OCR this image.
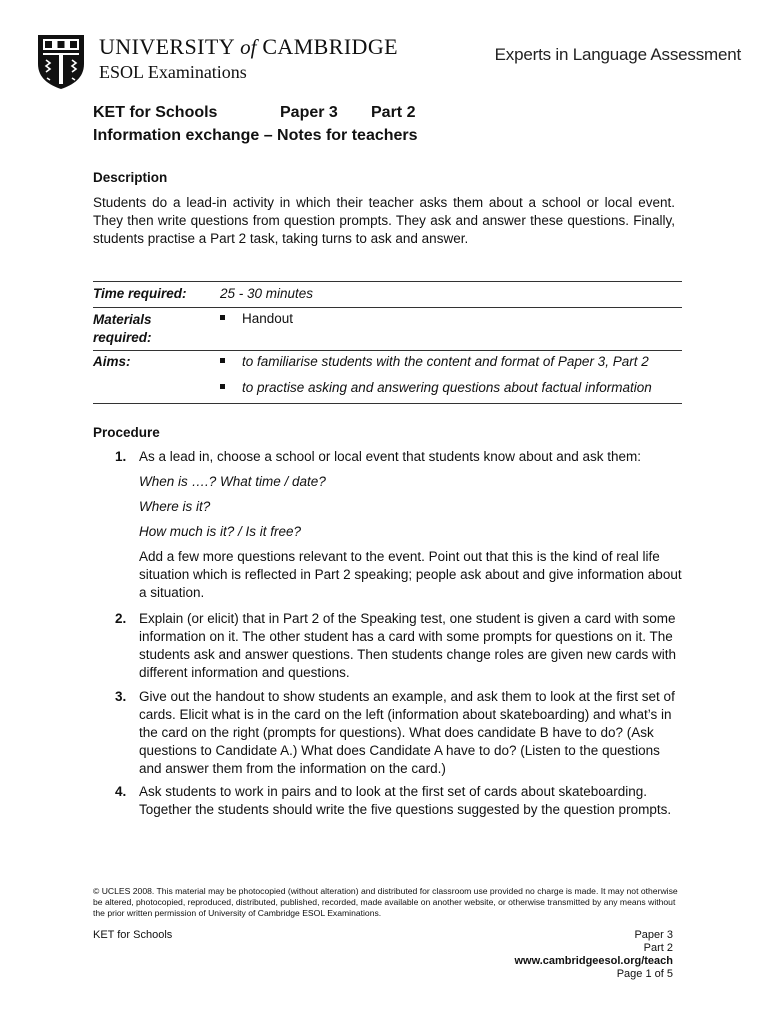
UNIVERSITY of CAMBRIDGE
ESOL Examinations
Experts in Language Assessment
KET for Schools	Paper 3 Part 2
Information exchange – Notes for teachers
Description
Students do a lead-in activity in which their teacher asks them about a school or local event. They then write questions from question prompts. They ask and answer these questions. Finally, students practise a Part 2 task, taking turns to ask and answer.
Time required: 25 - 30 minutes
Materials
required:
Handout
Aims:	to familiarise students with the content and format of Paper 3, Part 2
to practise asking and answering questions about factual information
Procedure
1. As a lead in, choose a school or local event that students know about and ask them:
When is ….? What time / date?
Where is it?
How much is it? / Is it free?
Add a few more questions relevant to the event. Point out that this is the kind of real life situation which is reflected in Part 2 speaking; people ask about and give information about a situation.
2. Explain (or elicit) that in Part 2 of the Speaking test, one student is given a card with some information on it. The other student has a card with some prompts for questions on it. The students ask and answer questions. Then students change roles are given new cards with different information and questions.
3. Give out the handout to show students an example, and ask them to look at the first set of cards. Elicit what is in the card on the left (information about skateboarding) and what’s in the card on the right (prompts for questions). What does candidate B have to do? (Ask questions to Candidate A.) What does Candidate A have to do? (Listen to the questions and answer them from the information on the card.)
4. Ask students to work in pairs and to look at the first set of cards about skateboarding. Together the students should write the five questions suggested by the question prompts.
© UCLES 2008. This material may be photocopied (without alteration) and distributed for classroom use provided no charge is made. It may not otherwise be altered, photocopied, reproduced, distributed, published, recorded, made available on another website, or otherwise transmitted by any means without the prior written permission of University of Cambridge ESOL Examinations.
KET for Schools	Paper 3
Part 2
www.cambridgeesol.org/teach
Page 1 of 5
